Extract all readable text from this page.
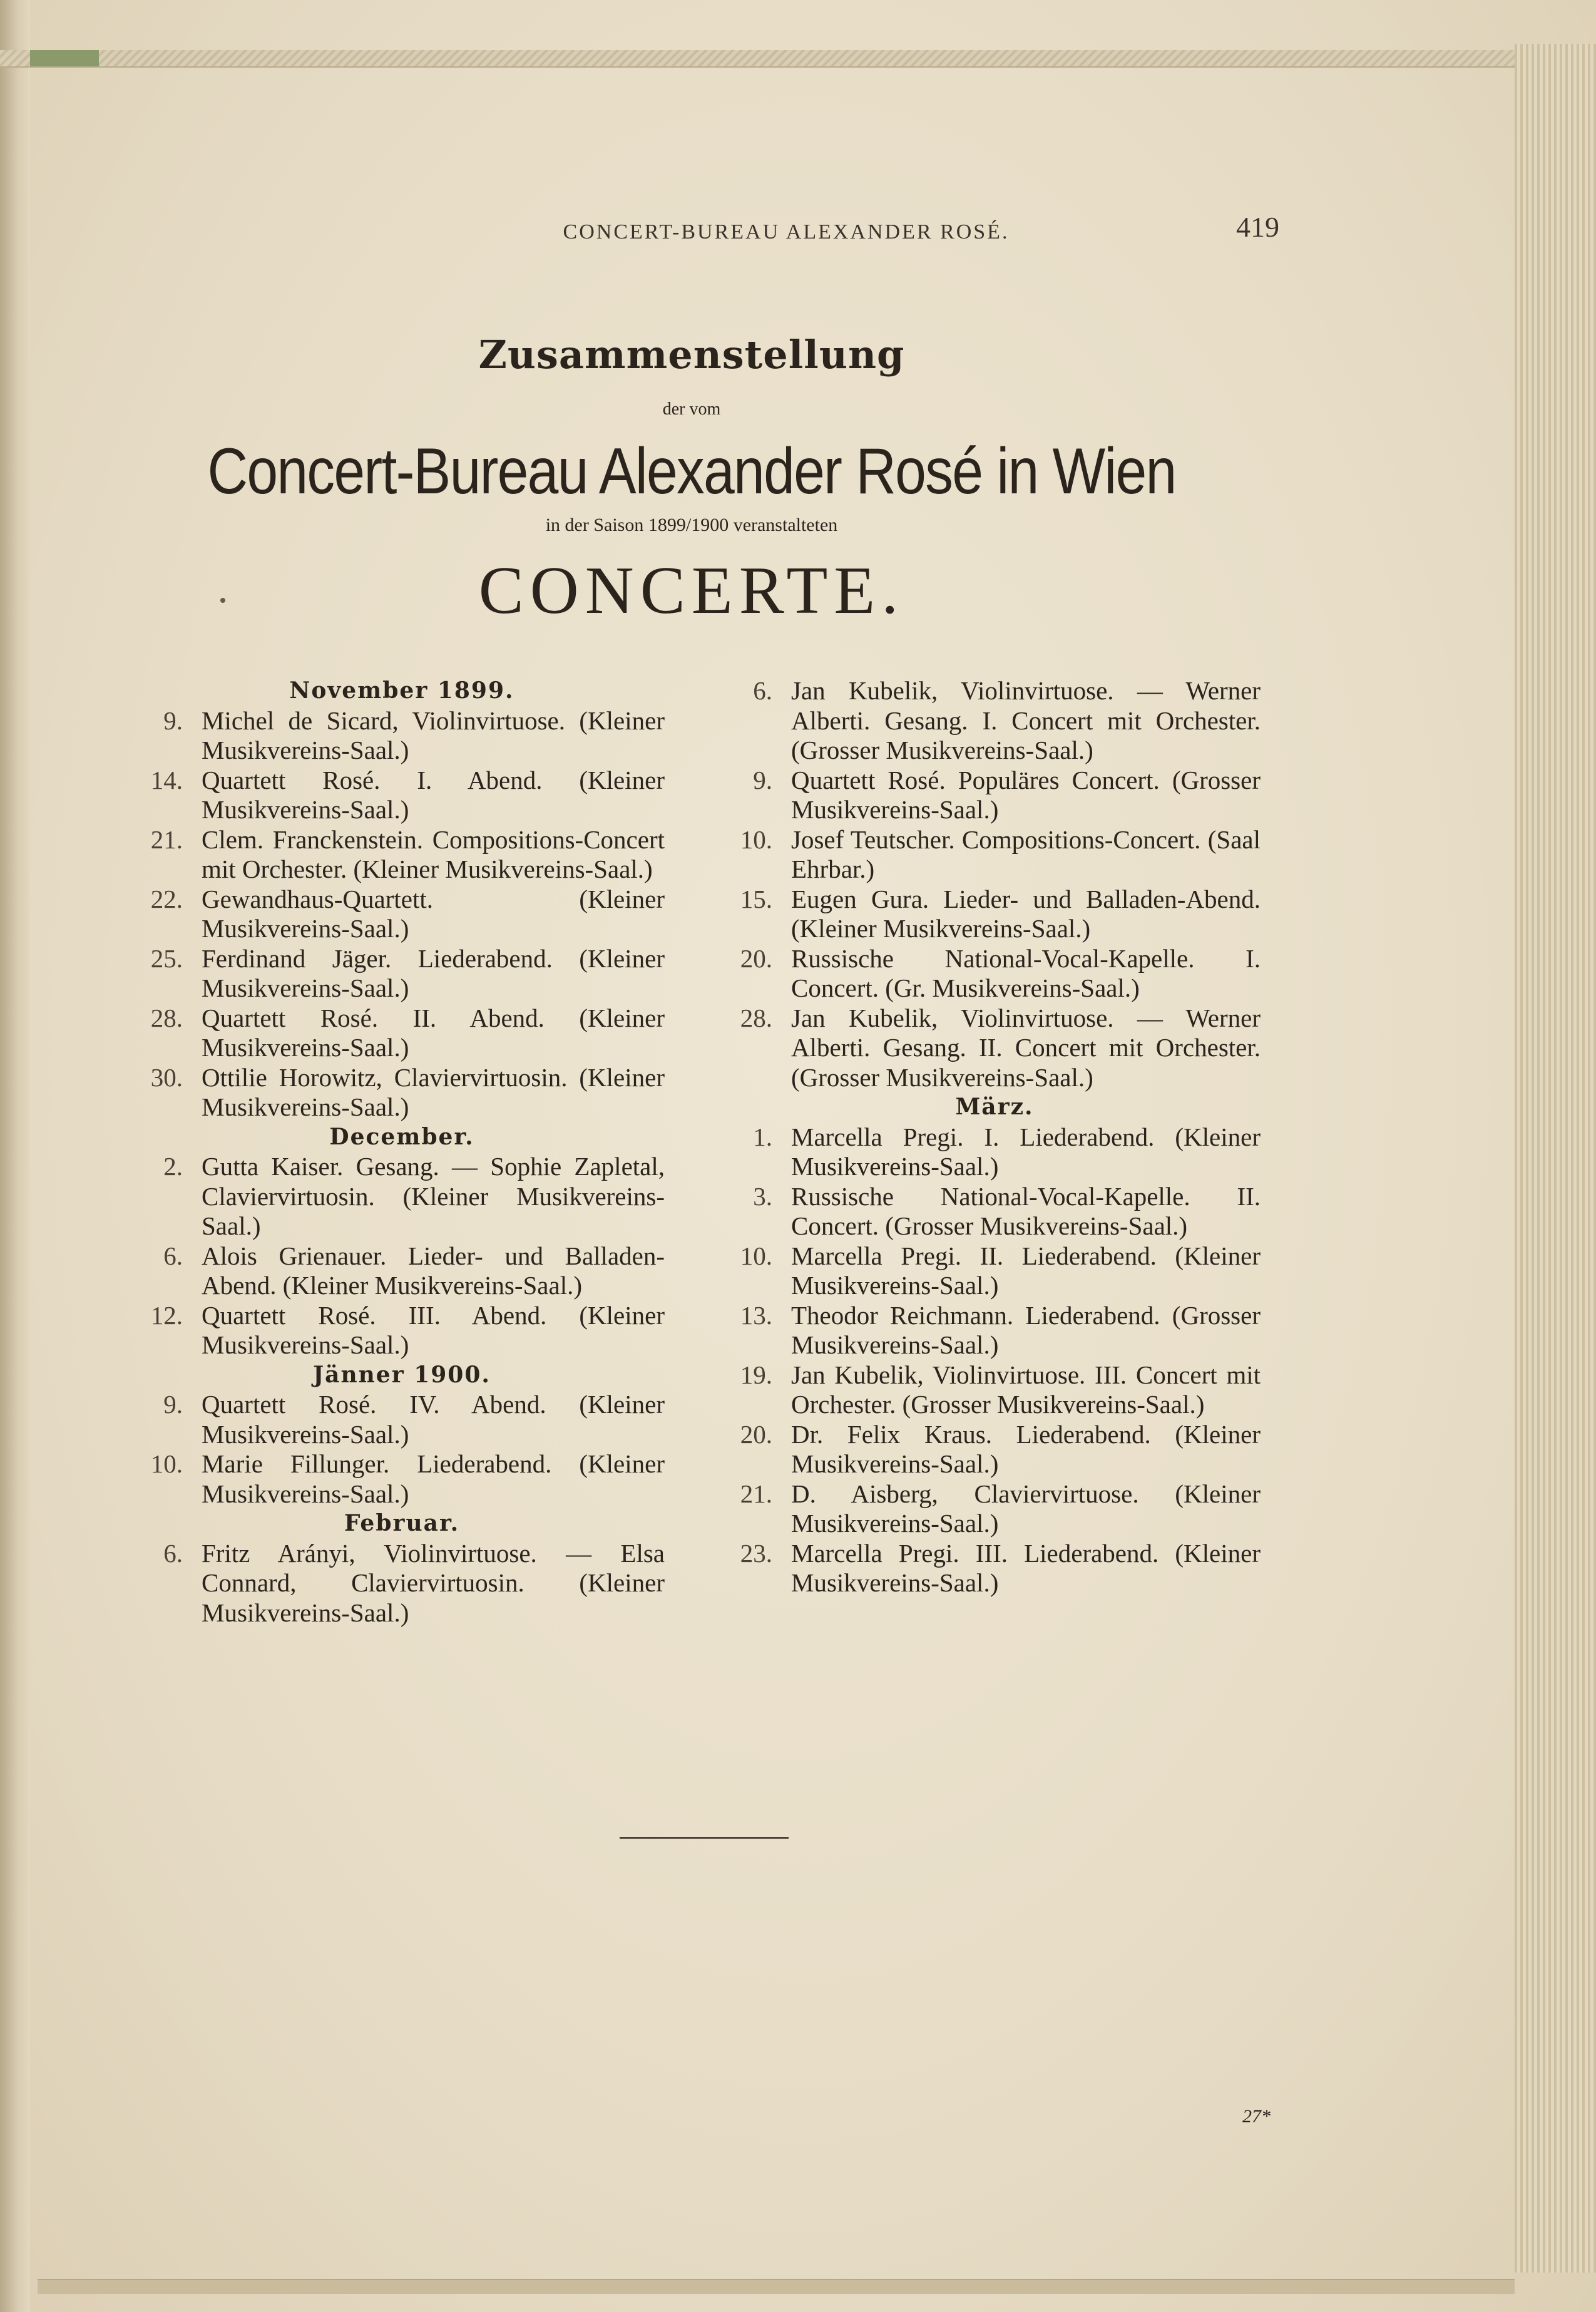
CONCERT-BUREAU ALEXANDER ROSÉ.	419
Zusammenstellung
der vom
Concert-Bureau Alexander Rosé in Wien
in der Saison 1899/1900 veranstalteten
CONCERTE.

November 1899.

9. Michel de Sicard, Violinvirtuose. (Kleiner Musikvereins-Saal.)

14. Quartett Rosé. I. Abend. (Kleiner Musikvereins-Saal.)

21. Clem. Franckenstein. Compositions-Concert mit Orchester. (Kleiner Musikvereins-Saal.)

22. Gewandhaus-Quartett. (Kleiner Musikvereins-Saal.)

25. Ferdinand Jäger. Liederabend. (Kleiner Musikvereins-Saal.)

28. Quartett Rosé. II. Abend. (Kleiner Musikvereins-Saal.)

30. Ottilie Horowitz, Claviervirtuosin. (Kleiner Musikvereins-Saal.)

December.

2. Gutta Kaiser. Gesang. — Sophie Zapletal, Claviervirtuosin. (Kleiner Musikvereins-Saal.)

6. Alois Grienauer. Lieder- und Balladen-Abend. (Kleiner Musikvereins-Saal.)

12. Quartett Rosé. III. Abend. (Kleiner Musikvereins-Saal.)

Jänner 1900.

9. Quartett Rosé. IV. Abend. (Kleiner Musikvereins-Saal.)

10. Marie Fillunger. Liederabend. (Kleiner Musikvereins-Saal.)

Februar.

6. Fritz Arányi, Violinvirtuose. — Elsa Connard, Claviervirtuosin. (Kleiner Musikvereins-Saal.)

6. Jan Kubelik, Violinvirtuose. — Werner Alberti. Gesang. I. Concert mit Orchester. (Grosser Musikvereins-Saal.)

9. Quartett Rosé. Populäres Concert. (Grosser Musikvereins-Saal.)

10. Josef Teutscher. Compositions-Concert. (Saal Ehrbar.)

15. Eugen Gura. Lieder- und Balladen-Abend. (Kleiner Musikvereins-Saal.)

20. Russische National-Vocal-Kapelle. I. Concert. (Gr. Musikvereins-Saal.)

28. Jan Kubelik, Violinvirtuose. — Werner Alberti. Gesang. II. Concert mit Orchester. (Grosser Musikvereins-Saal.)

März.

1. Marcella Pregi. I. Liederabend. (Kleiner Musikvereins-Saal.)

3. Russische National-Vocal-Kapelle. II. Concert. (Grosser Musikvereins-Saal.)

10. Marcella Pregi. II. Liederabend. (Kleiner Musikvereins-Saal.)

13. Theodor Reichmann. Liederabend. (Grosser Musikvereins-Saal.)

19. Jan Kubelik, Violinvirtuose. III. Concert mit Orchester. (Grosser Musikvereins-Saal.)

20. Dr. Felix Kraus. Liederabend. (Kleiner Musikvereins-Saal.)

21. D. Aisberg, Claviervirtuose. (Kleiner Musikvereins-Saal.)

23. Marcella Pregi. III. Liederabend. (Kleiner Musikvereins-Saal.)

27*
